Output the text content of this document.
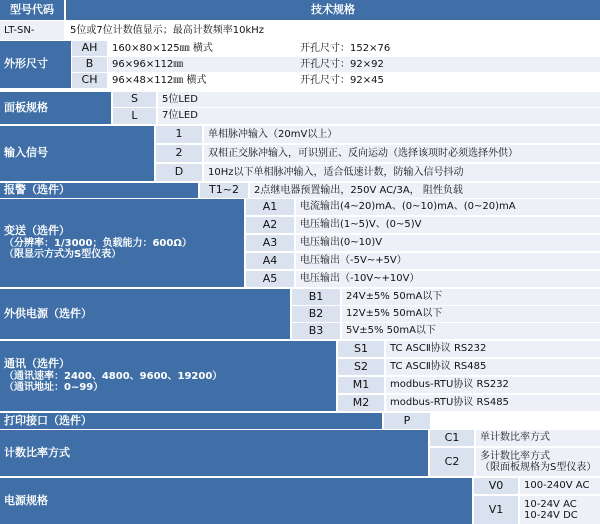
型号代码	技术规格
LT-SN-	5位或7位计数值显示；最高计数频率10kHz
外形尺寸
AH	160×80×125㎜ 横式	开孔尺寸：152×76
B	96×96×112㎜	开孔尺寸：92×92
CH	96×48×112㎜ 横式	开孔尺寸：92×45
面板规格
S	5位LED
L	7位LED
输入信号
1	单相脉冲输入（20mV以上）
2	双相正交脉冲输入，可识别正、反向运动（选择该项时必须选择外供）
D	10Hz以下单相脉冲输入，适合低速计数，防输入信号抖动
报警（选件）	T1~2	2点继电器预置输出，250V AC/3A， 阻性负载
变送（选件）
（分辨率：1/3000；负载能力：600Ω）
（限显示方式为S型仪表）
A1	电流输出(4~20)mA、(0~10)mA、(0~20)mA
A2	电压输出(1~5)V、(0~5)V
A3	电压输出(0~10)V
A4	电压输出（-5V~+5V）
A5	电压输出（-10V~+10V）
外供电源（选件）
B1	24V±5% 50mA以下
B2	12V±5% 50mA以下
B3	5V±5% 50mA以下
通讯（选件）
（通讯速率：2400、4800、9600、19200）
（通讯地址：0~99）
S1	TC ASCⅡ协议 RS232
S2	TC ASCⅡ协议 RS485
M1	modbus-RTU协议 RS232
M2	modbus-RTU协议 RS485
打印接口（选件）	P
计数比率方式
C1	单计数比率方式
C2	多计数比率方式
（限面板规格为S型仪表）
电源规格
V0	100-240V AC
V1	10-24V AC
10-24V DC
